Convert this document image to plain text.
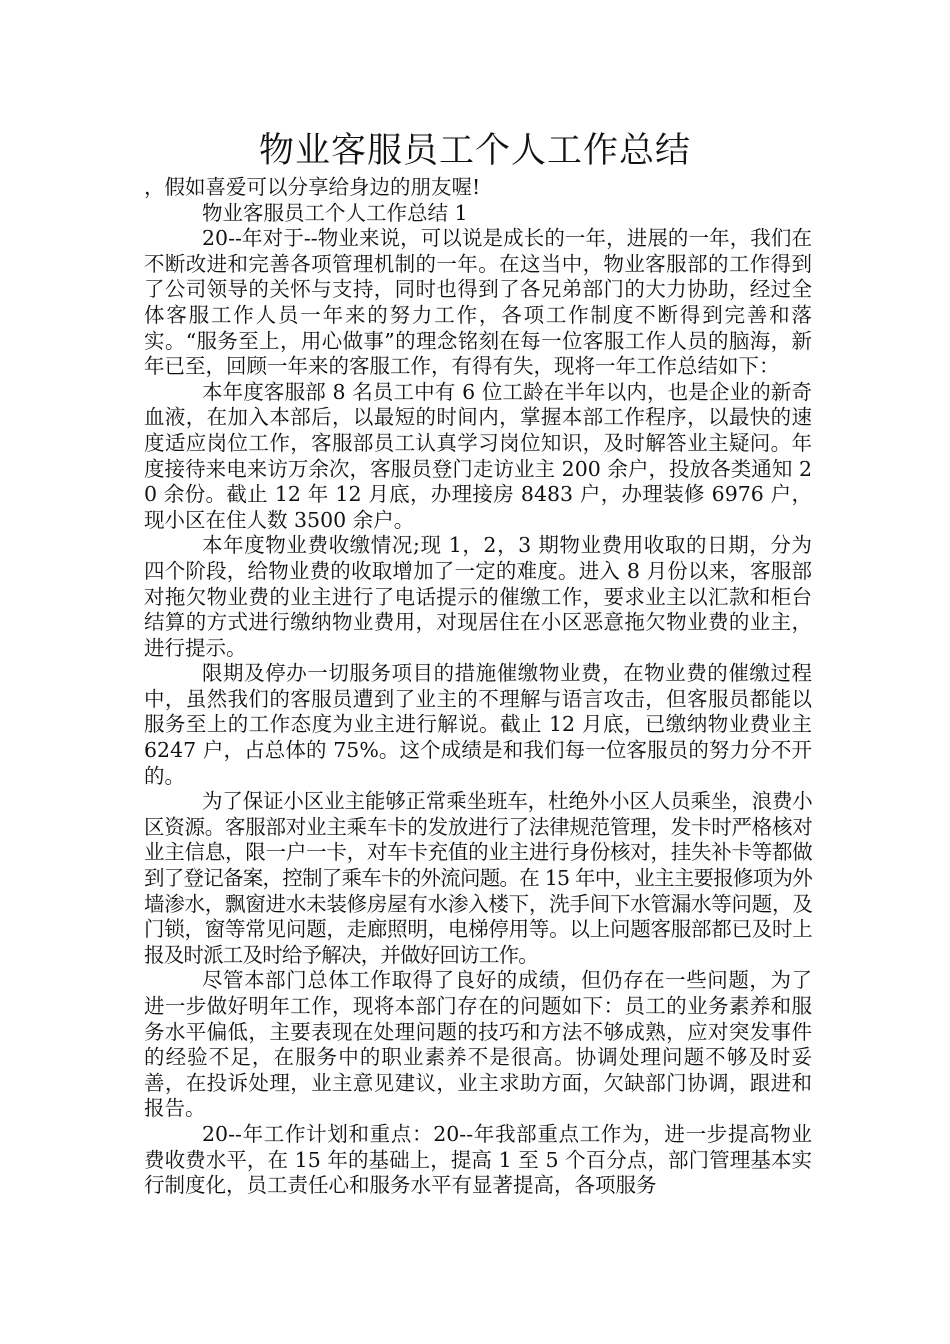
物业客服员工个人工作总结

，假如喜爱可以分享给身边的朋友喔!

物业客服员工个人工作总结 1

20--年对于--物业来说，可以说是成长的一年，进展的一年，我们在不断改进和完善各项管理机制的一年。在这当中，物业客服部的工作得到了公司领导的关怀与支持，同时也得到了各兄弟部门的大力协助，经过全体客服工作人员一年来的努力工作，各项工作制度不断得到完善和落实。“服务至上，用心做事”的理念铭刻在每一位客服工作人员的脑海，新年已至，回顾一年来的客服工作，有得有失，现将一年工作总结如下：

本年度客服部 8 名员工中有 6 位工龄在半年以内，也是企业的新奇血液，在加入本部后，以最短的时间内，掌握本部工作程序，以最快的速度适应岗位工作，客服部员工认真学习岗位知识，及时解答业主疑问。年度接待来电来访万余次，客服员登门走访业主 200 余户，投放各类通知 20 余份。截止 12 年 12 月底，办理接房 8483 户，办理装修 6976 户，现小区在住人数 3500 余户。

本年度物业费收缴情况;现 1，2，3 期物业费用收取的日期，分为四个阶段，给物业费的收取增加了一定的难度。进入 8 月份以来，客服部对拖欠物业费的业主进行了电话提示的催缴工作，要求业主以汇款和柜台结算的方式进行缴纳物业费用，对现居住在小区恶意拖欠物业费的业主，进行提示。

限期及停办一切服务项目的措施催缴物业费，在物业费的催缴过程中，虽然我们的客服员遭到了业主的不理解与语言攻击，但客服员都能以服务至上的工作态度为业主进行解说。截止 12 月底，已缴纳物业费业主 6247 户，占总体的 75%。这个成绩是和我们每一位客服员的努力分不开的。

为了保证小区业主能够正常乘坐班车，杜绝外小区人员乘坐，浪费小区资源。客服部对业主乘车卡的发放进行了法律规范管理，发卡时严格核对业主信息，限一户一卡，对车卡充值的业主进行身份核对，挂失补卡等都做到了登记备案，控制了乘车卡的外流问题。在 15 年中，业主主要报修项为外墙渗水，飘窗进水未装修房屋有水渗入楼下，洗手间下水管漏水等问题，及门锁，窗等常见问题，走廊照明，电梯停用等。以上问题客服部都已及时上报及时派工及时给予解决，并做好回访工作。

尽管本部门总体工作取得了良好的成绩，但仍存在一些问题，为了进一步做好明年工作，现将本部门存在的问题如下：员工的业务素养和服务水平偏低，主要表现在处理问题的技巧和方法不够成熟，应对突发事件的经验不足，在服务中的职业素养不是很高。协调处理问题不够及时妥善，在投诉处理，业主意见建议，业主求助方面，欠缺部门协调，跟进和报告。

20--年工作计划和重点：20--年我部重点工作为，进一步提高物业费收费水平，在 15 年的基础上，提高 1 至 5 个百分点，部门管理基本实行制度化，员工责任心和服务水平有显著提高，各项服务
